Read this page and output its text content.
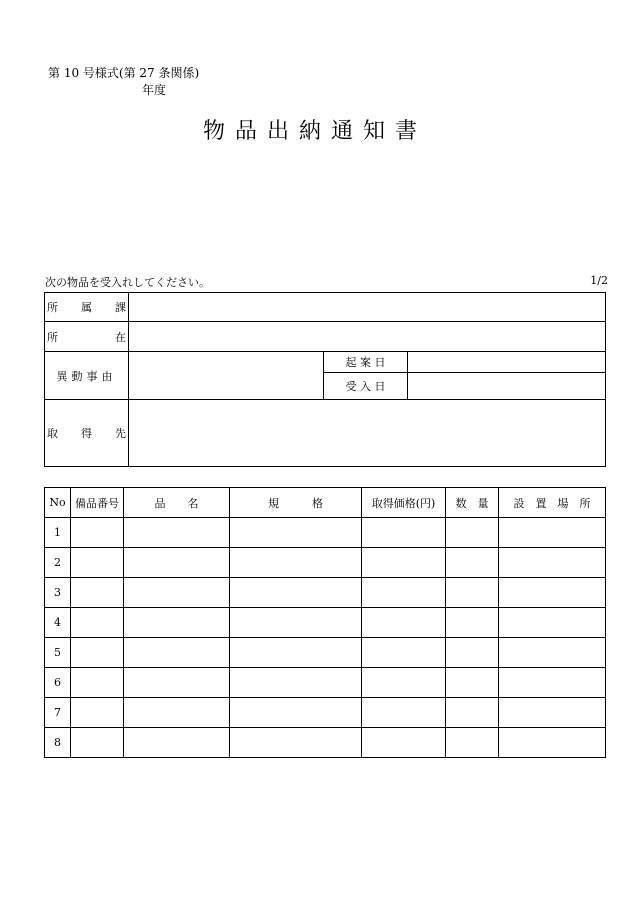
第 10 号様式(第 27 条関係)
年度
物品出納通知書
次の物品を受入れしてください。	1/2
所 属 課			

所 在			

異動事由		起 案 日	
		受 入 日	

取 得 先			

No	備品番号	品　　名	規　　　格	取得価格(円)	数　量	設　置　場　所
1						
2						
3						
4						
5						
6						
7						
8						
